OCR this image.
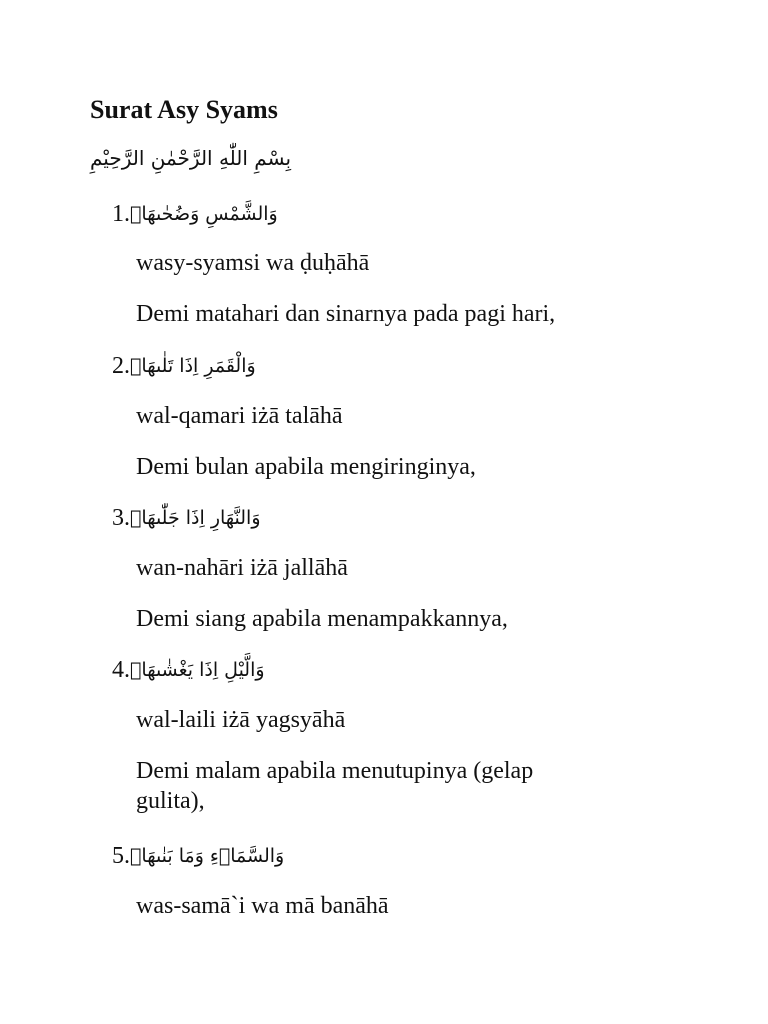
Surat Asy Syams
بِسْمِ اللّٰهِ الرَّحْمٰنِ الرَّحِيْمِ
1.وَالشَّمْسِ وَضُحٰىهَاۖ
wasy-syamsi wa ḍuḥāhā
Demi matahari dan sinarnya pada pagi hari,
2.وَالْقَمَرِ اِذَا تَلٰىهَاۖ
wal-qamari iżā talāhā
Demi bulan apabila mengiringinya,
3.وَالنَّهَارِ اِذَا جَلّٰىهَاۖ
wan-nahāri iżā jallāhā
Demi siang apabila menampakkannya,
4.وَالَّيْلِ اِذَا يَغْشٰىهَاۖ
wal-laili iżā yagsyāhā
Demi malam apabila menutupinya (gelap gulita),
5.وَالسَّمَاۤءِ وَمَا بَنٰىهَاۖ
was-samā`i wa mā banāhā
